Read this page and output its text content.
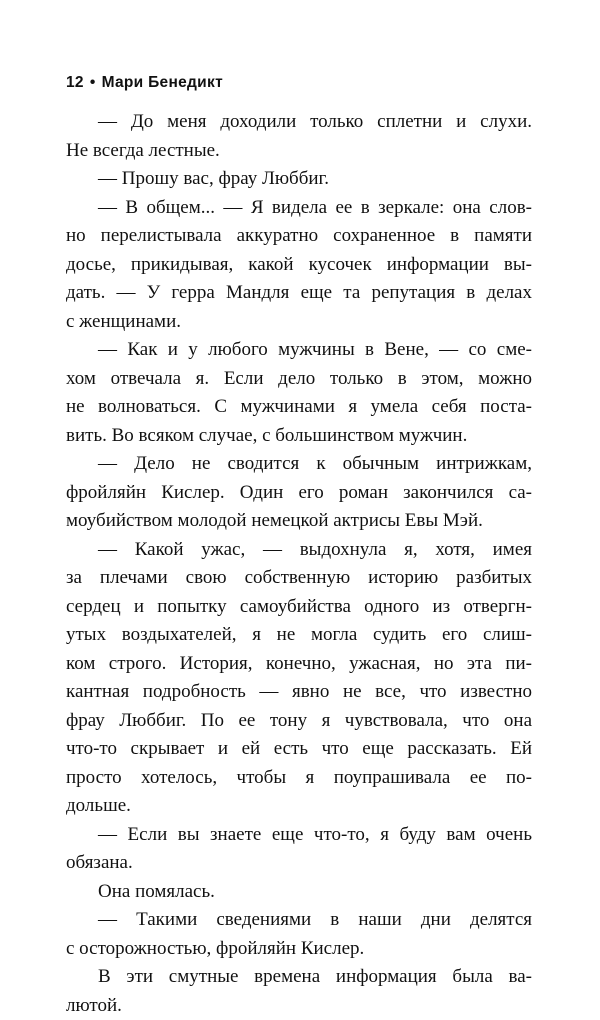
12 • Мари Бенедикт
— До меня доходили только сплетни и слухи.
Не всегда лестные.
— Прошу вас, фрау Люббиг.
— В общем... — Я видела ее в зеркале: она слов-
но перелистывала аккуратно сохраненное в памяти
досье, прикидывая, какой кусочек информации вы-
дать. — У герра Мандля еще та репутация в делах
с женщинами.
— Как и у любого мужчины в Вене, — со сме-
хом отвечала я. Если дело только в этом, можно
не волноваться. С мужчинами я умела себя поста-
вить. Во всяком случае, с большинством мужчин.
— Дело не сводится к обычным интрижкам,
фройляйн Кислер. Один его роман закончился са-
моубийством молодой немецкой актрисы Евы Мэй.
— Какой ужас, — выдохнула я, хотя, имея
за плечами свою собственную историю разбитых
сердец и попытку самоубийства одного из отвергн-
утых воздыхателей, я не могла судить его слиш-
ком строго. История, конечно, ужасная, но эта пи-
кантная подробность — явно не все, что известно
фрау Люббиг. По ее тону я чувствовала, что она
что-то скрывает и ей есть что еще рассказать. Ей
просто хотелось, чтобы я поупрашивала ее по-
дольше.
— Если вы знаете еще что-то, я буду вам очень
обязана.
Она помялась.
— Такими сведениями в наши дни делятся
с осторожностью, фройляйн Кислер.
В эти смутные времена информация была ва-
лютой.
